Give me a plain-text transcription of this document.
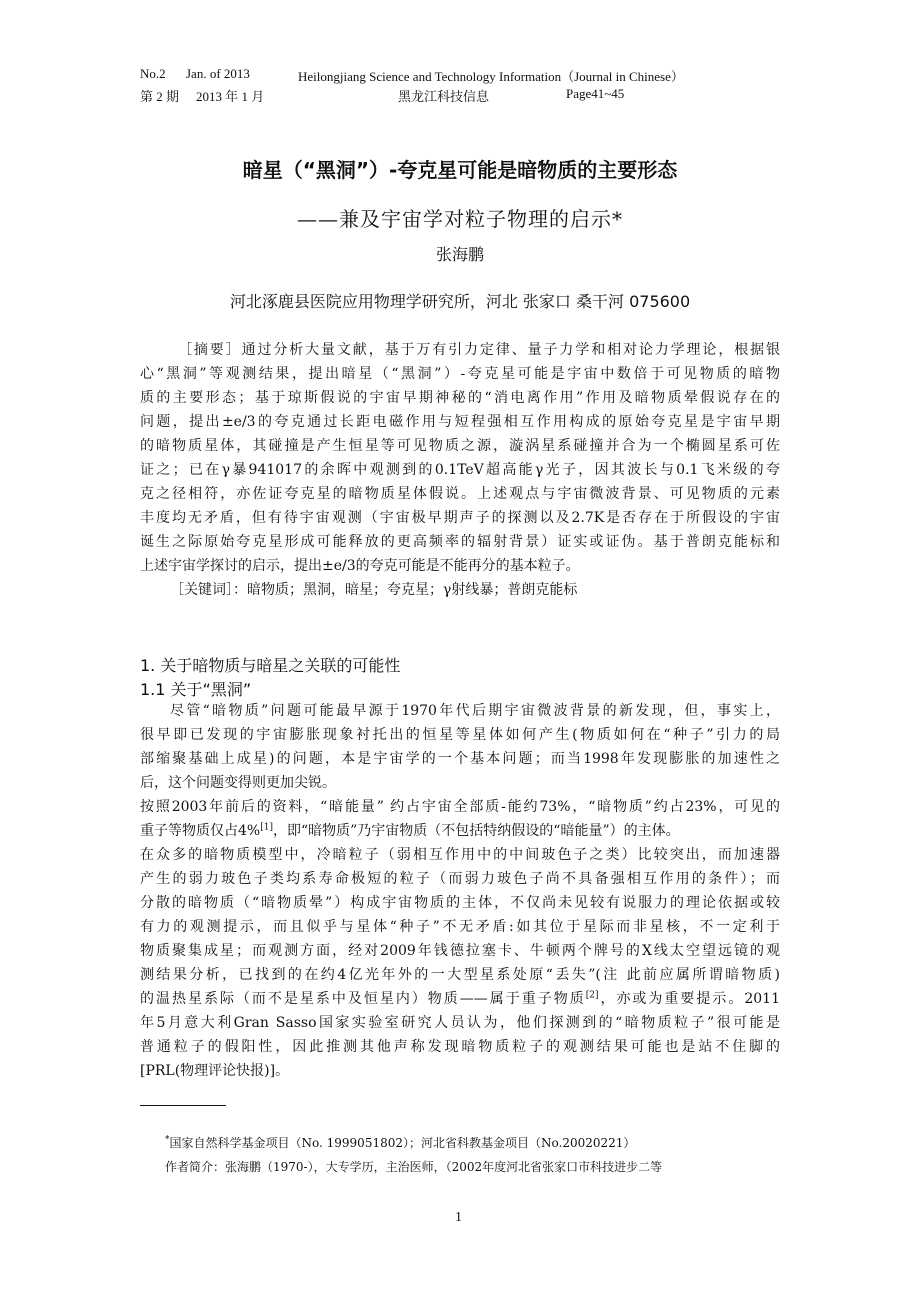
No.2 Jan. of 2013	Heilongjiang Science and Technology Information（Journal in Chinese）
第 2 期 2013 年 1 月	黑龙江科技信息	Page41~45
暗星（“黑洞”）-夸克星可能是暗物质的主要形态
——兼及宇宙学对粒子物理的启示*
张海鹏
河北涿鹿县医院应用物理学研究所，河北 张家口 桑干河 075600
［摘要］通过分析大量文献，基于万有引力定律、量子力学和相对论力学理论，根据银
心“黑洞”等观测结果，提出暗星（“黑洞”）-夸克星可能是宇宙中数倍于可见物质的暗物
质的主要形态；基于琼斯假说的宇宙早期神秘的“消电离作用”作用及暗物质晕假说存在的
问题，提出±e/3的夸克通过长距电磁作用与短程强相互作用构成的原始夸克星是宇宙早期
的暗物质星体，其碰撞是产生恒星等可见物质之源，漩涡星系碰撞并合为一个椭圆星系可佐
证之；已在γ暴941017的余晖中观测到的0.1TeV超高能γ光子，因其波长与0.1飞米级的夸
克之径相符，亦佐证夸克星的暗物质星体假说。上述观点与宇宙微波背景、可见物质的元素
丰度均无矛盾，但有待宇宙观测（宇宙极早期声子的探测以及2.7K是否存在于所假设的宇宙
诞生之际原始夸克星形成可能释放的更高频率的辐射背景）证实或证伪。基于普朗克能标和
上述宇宙学探讨的启示，提出±e/3的夸克可能是不能再分的基本粒子。
［关键词］：暗物质；黑洞，暗星；夸克星；γ射线暴；普朗克能标
1. 关于暗物质与暗星之关联的可能性
1.1 关于“黑洞”
尽管“暗物质”问题可能最早源于1970年代后期宇宙微波背景的新发现，但，事实上，
很早即已发现的宇宙膨胀现象衬托出的恒星等星体如何产生(物质如何在“种子”引力的局
部缩聚基础上成星)的问题，本是宇宙学的一个基本问题；而当1998年发现膨胀的加速性之
后，这个问题变得则更加尖锐。
按照2003年前后的资料，“暗能量” 约占宇宙全部质-能约73%，“暗物质”约占23%，可见的
重子等物质仅占4%[1]，即“暗物质”乃宇宙物质（不包括特纳假设的“暗能量”）的主体。
在众多的暗物质模型中，冷暗粒子（弱相互作用中的中间玻色子之类）比较突出，而加速器
产生的弱力玻色子类均系寿命极短的粒子（而弱力玻色子尚不具备强相互作用的条件）；而
分散的暗物质（“暗物质晕”）构成宇宙物质的主体，不仅尚未见较有说服力的理论依据或较
有力的观测提示，而且似乎与星体“种子”不无矛盾:如其位于星际而非星核，不一定利于
物质聚集成星；而观测方面，经对2009年钱德拉塞卡、牛顿两个牌号的X线太空望远镜的观
测结果分析，已找到的在约4亿光年外的一大型星系处原“丢失”(注 此前应属所谓暗物质)
的温热星系际（而不是星系中及恒星内）物质——属于重子物质[2]，亦或为重要提示。2011
年5月意大利Gran Sasso国家实验室研究人员认为，他们探测到的“暗物质粒子”很可能是
普通粒子的假阳性，因此推测其他声称发现暗物质粒子的观测结果可能也是站不住脚的
[PRL(物理评论快报)]。
*国家自然科学基金项目（No. 1999051802）；河北省科教基金项目（No.20020221）
作者简介：张海鹏（1970-），大专学历，主治医师，（2002年度河北省张家口市科技进步二等
1
